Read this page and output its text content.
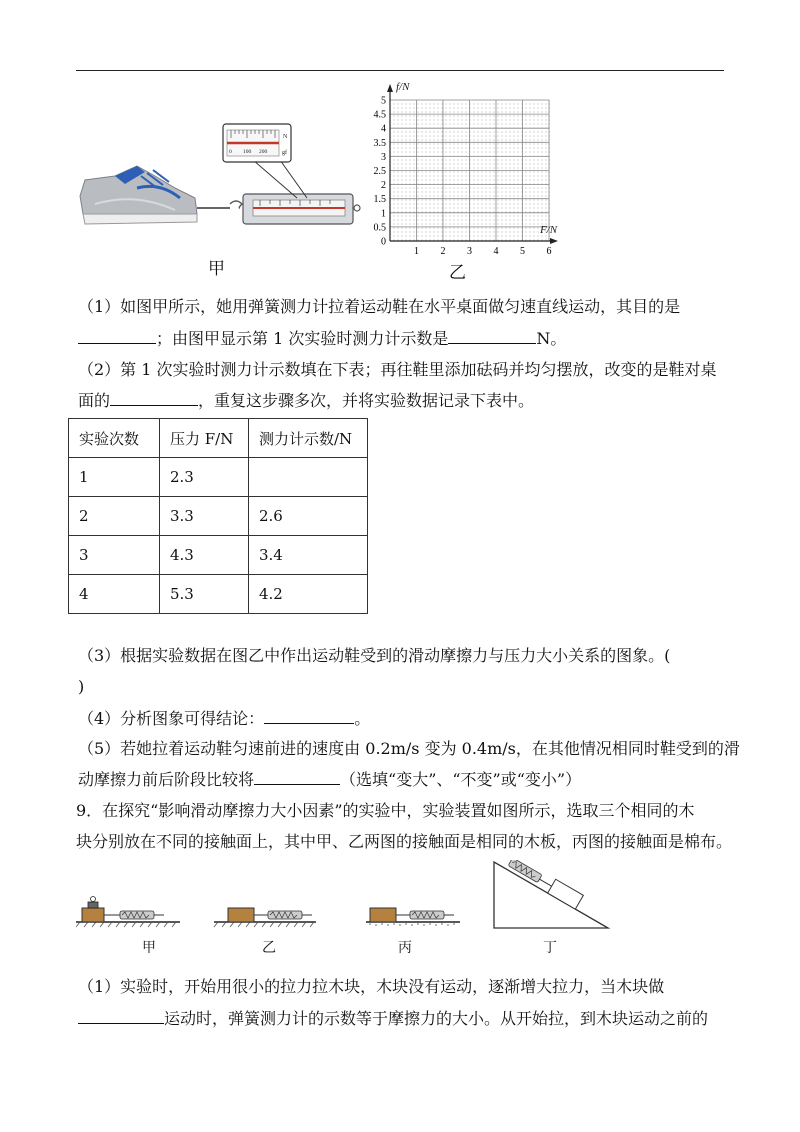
N
gf
0 100 200
甲
f/N
F/N
0
0.5
1
1.5
2
2.5
3
3.5
4
4.5
5
1 2 3 4 5 6
乙
（1）如图甲所示，她用弹簧测力计拉着运动鞋在水平桌面做匀速直线运动，其目的是
；由图甲显示第 1 次实验时测力计示数是	N。
（2）第 1 次实验时测力计示数填在下表；再往鞋里添加砝码并均匀摆放，改变的是鞋对桌
面的	，重复这步骤多次，并将实验数据记录下表中。
实验次数	压力 F/N	测力计示数/N
1	2.3	
2	3.3	2.6
3	4.3	3.4
4	5.3	4.2
（3）根据实验数据在图乙中作出运动鞋受到的滑动摩擦力与压力大小关系的图象。(
)
（4）分析图象可得结论：	。
（5）若她拉着运动鞋匀速前进的速度由 0.2m/s 变为 0.4m/s，在其他情况相同时鞋受到的滑
动摩擦力前后阶段比较将	（选填“变大”、“不变”或“变小”）
9．在探究“影响滑动摩擦力大小因素”的实验中，实验装置如图所示，选取三个相同的木
块分别放在不同的接触面上，其中甲、乙两图的接触面是相同的木板，丙图的接触面是棉布。
甲	乙	丙	丁
（1）实验时，开始用很小的拉力拉木块，木块没有运动，逐渐增大拉力，当木块做
运动时，弹簧测力计的示数等于摩擦力的大小。从开始拉，到木块运动之前的
